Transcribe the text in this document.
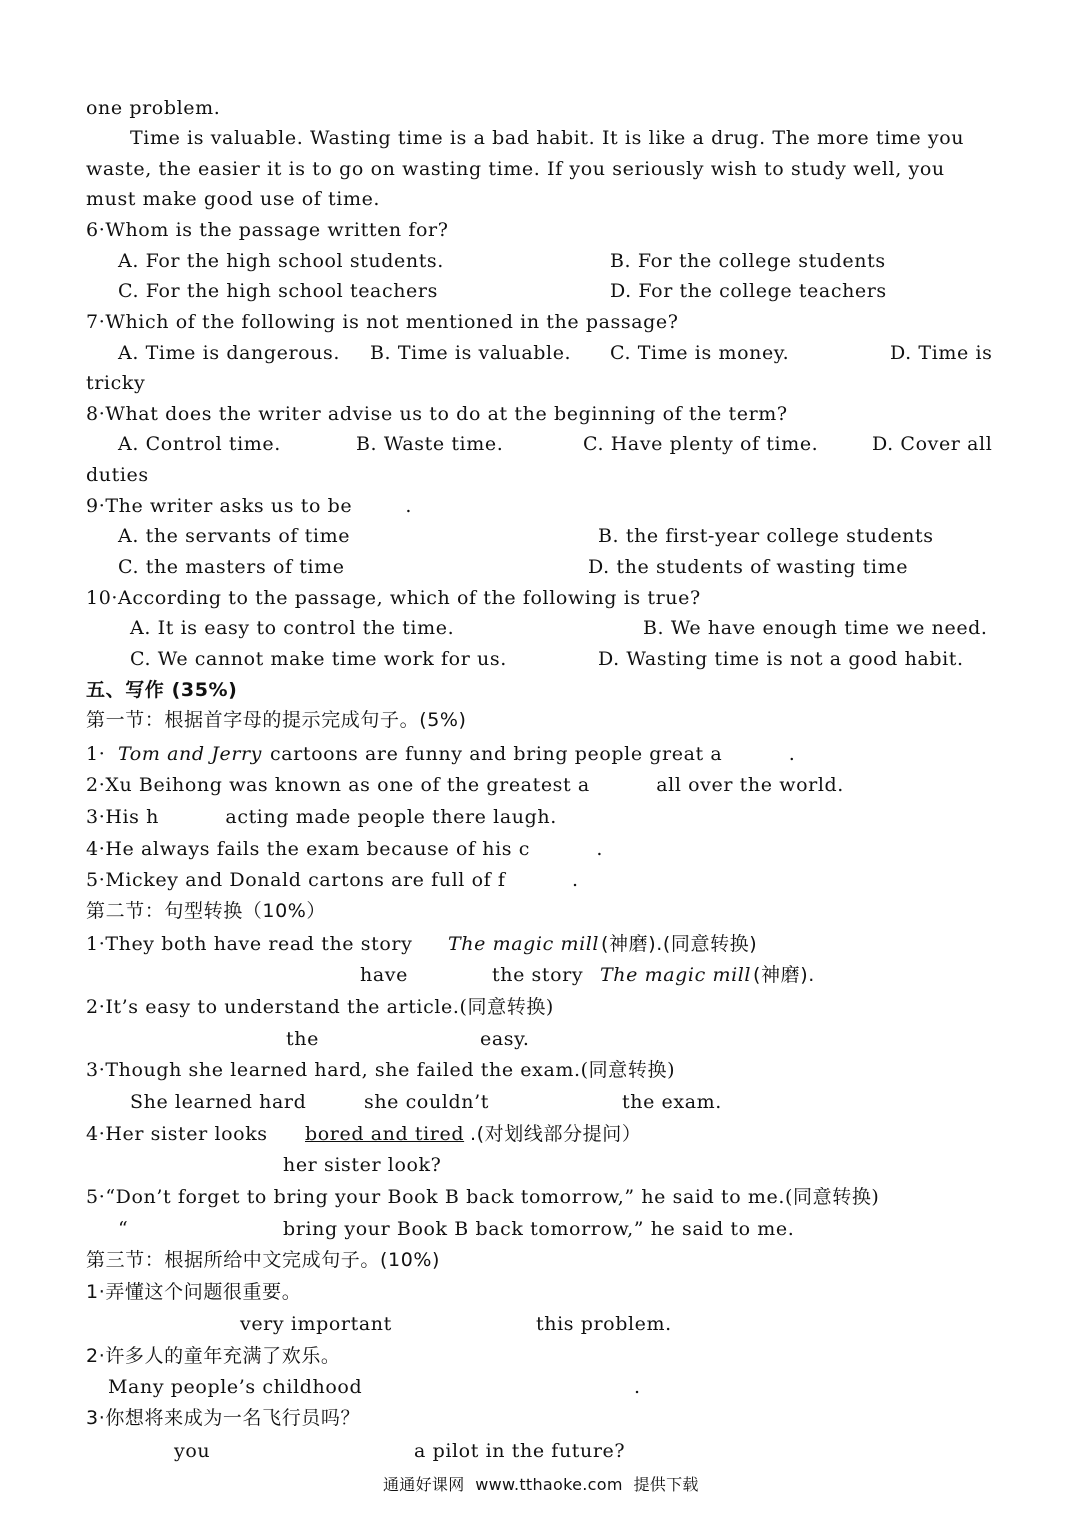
one problem.
Time is valuable. Wasting time is a bad habit. It is like a drug. The more time you
waste, the easier it is to go on wasting time. If you seriously wish to study well, you
must make good use of time.
6·Whom is the passage written for?
A. For the high school students.	B. For the college students
C. For the high school teachers	D. For the college teachers
7·Which of the following is not mentioned in the passage?
A. Time is dangerous. B. Time is valuable. C. Time is money.	D. Time is
tricky
8·What does the writer advise us to do at the beginning of the term?
A. Control time.	B. Waste time.	C. Have plenty of time.	D. Cover all
duties
9·The writer asks us to be        .
A. the servants of time	B. the first-year college students
C. the masters of time	D. the students of wasting time
10·According to the passage, which of the following is true?
A. It is easy to control the time.	B. We have enough time we need.
C. We cannot make time work for us.	D. Wasting time is not a good habit.
五、写作 (35%)
第一节：根据首字母的提示完成句子。(5%)
1· Tom and Jerry cartoons are funny and bring people great a          .
2·Xu Beihong was known as one of the greatest a          all over the world.
3·His h          acting made people there laugh.
4·He always fails the exam because of his c          .
5·Mickey and Donald cartons are full of f          .
第二节：句型转换（10%）
1·They both have read the story The magic mill (神磨).(同意转换)
have	the story The magic mill (神磨).
2·It’s easy to understand the article.(同意转换)
the	easy.
3·Though she learned hard, she failed the exam.(同意转换)
She learned hard	she couldn’t	the exam.
4·Her sister looks bored and tired .(对划线部分提问）
her sister look?
5·“Don’t forget to bring your Book B back tomorrow,” he said to me.(同意转换)
“	bring your Book B back tomorrow,” he said to me.
第三节：根据所给中文完成句子。(10%)
1·弄懂这个问题很重要。
very important	this problem.
2·许多人的童年充满了欢乐。
Many people’s childhood	.
3·你想将来成为一名飞行员吗？
you	a pilot in the future?
通通好课网  www.tthaoke.com  提供下载
